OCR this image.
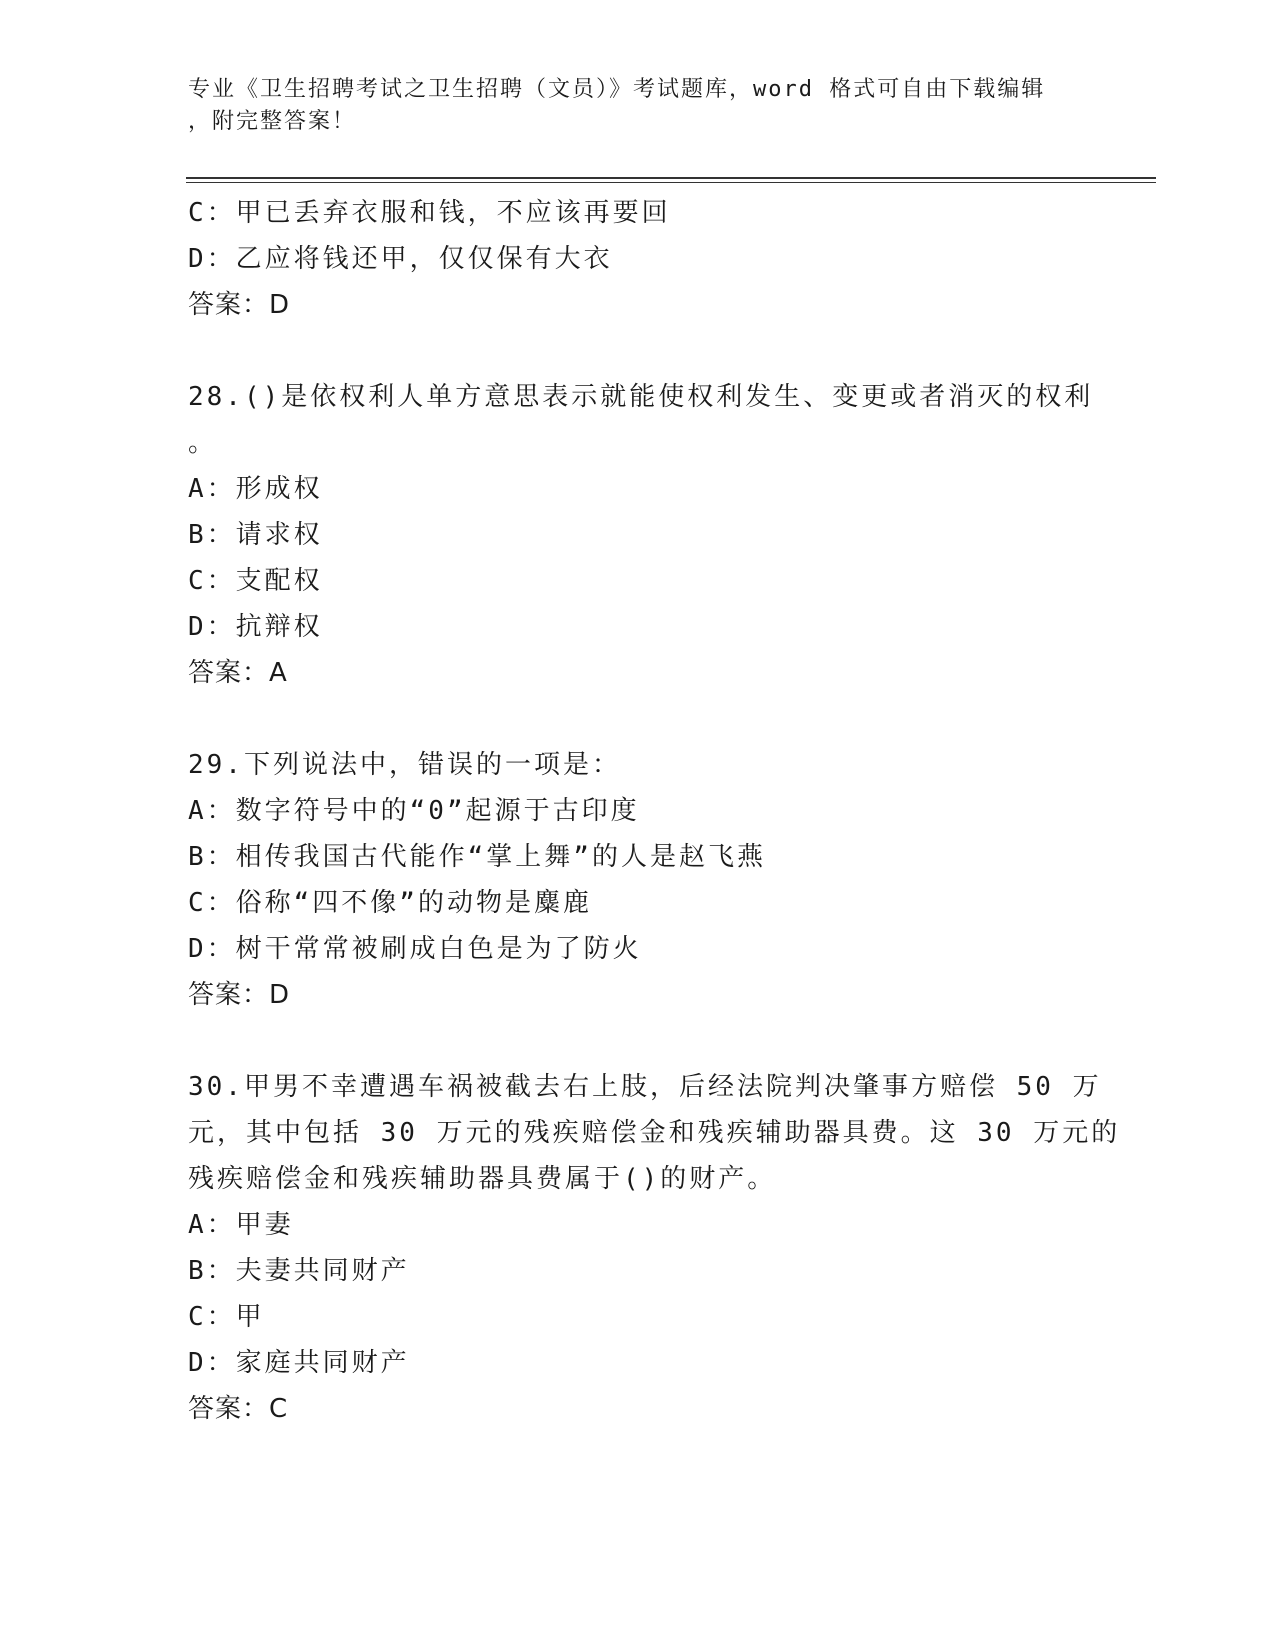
专业《卫生招聘考试之卫生招聘（文员）》考试题库，word 格式可自由下载编辑
，附完整答案！
C：甲已丢弃衣服和钱，不应该再要回
D：乙应将钱还甲，仅仅保有大衣
答案：D
28.()是依权利人单方意思表示就能使权利发生、变更或者消灭的权利
。
A：形成权
B：请求权
C：支配权
D：抗辩权
答案：A
29.下列说法中，错误的一项是：
A：数字符号中的“0”起源于古印度
B：相传我国古代能作“掌上舞”的人是赵飞燕
C：俗称“四不像”的动物是麋鹿
D：树干常常被刷成白色是为了防火
答案：D
30.甲男不幸遭遇车祸被截去右上肢，后经法院判决肇事方赔偿 50 万
元，其中包括 30 万元的残疾赔偿金和残疾辅助器具费。这 30 万元的
残疾赔偿金和残疾辅助器具费属于()的财产。
A：甲妻
B：夫妻共同财产
C：甲
D：家庭共同财产
答案：C
